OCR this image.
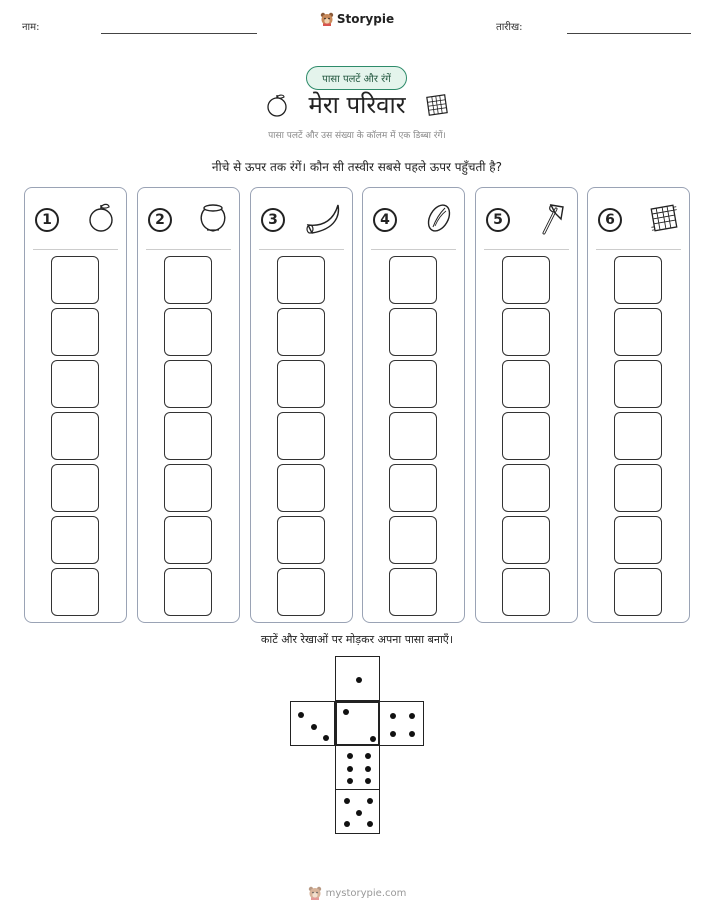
नाम:
Storypie
तारीख:
पासा पलटें और रंगें
मेरा परिवार
पासा पलटें और उस संख्या के कॉलम में एक डिब्बा रंगें।
नीचे से ऊपर तक रंगें। कौन सी तस्वीर सबसे पहले ऊपर पहुँचती है?
1	2	3	4	5	6
काटें और रेखाओं पर मोड़कर अपना पासा बनाएँ।
mystorypie.com
